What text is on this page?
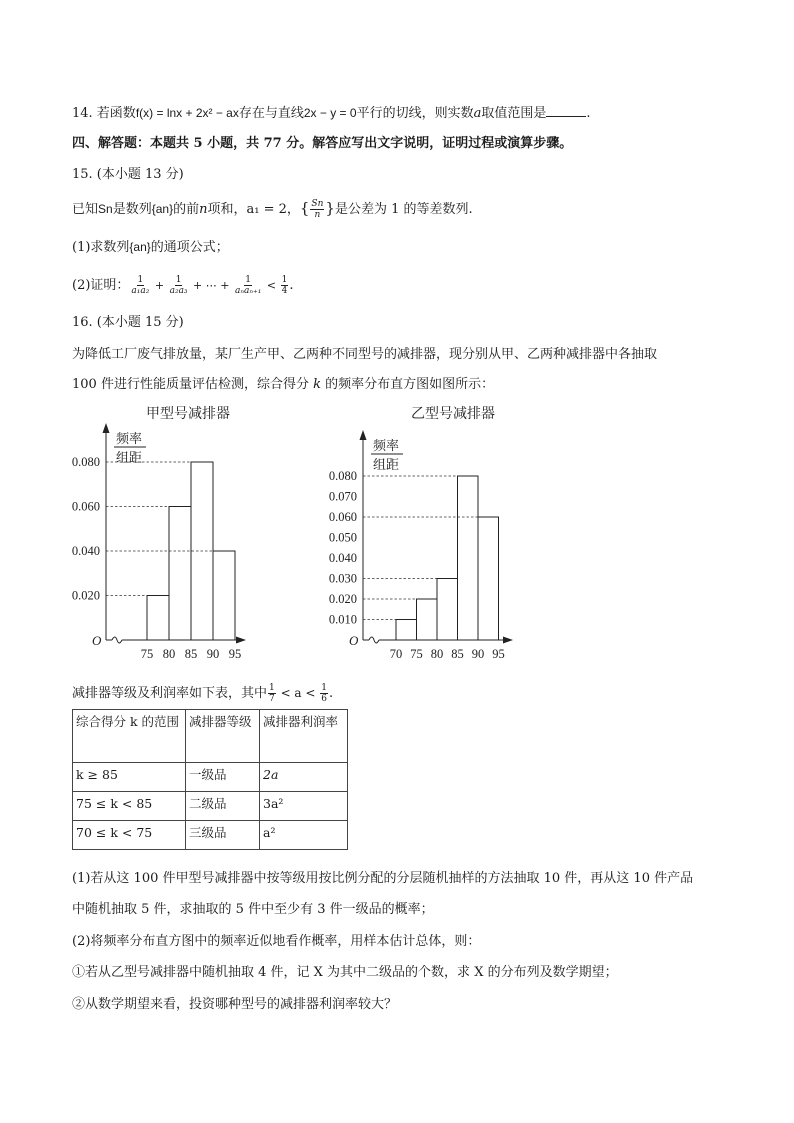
14. 若函数f(x) = lnx + 2x² − ax存在与直线2x − y = 0平行的切线，则实数a取值范围是	.
四、解答题：本题共 5 小题，共 77 分。解答应写出文字说明，证明过程或演算步骤。
15. (本小题 13 分)
已知Sn是数列{an}的前n项和，a₁ = 2，{ $\frac{Sn}{n}$ }是公差为 1 的等差数列.
(1)求数列{an}的通项公式；
(2)证明： $\frac{1}{\text{a₁a₂}} + \frac{1}{\text{a₂a₃}}$ + ⋯ + $\frac{1}{\text{aₙaₙ₊₁}} < \frac{1}{4}$ .
16. (本小题 15 分)
为降低工厂废气排放量，某厂生产甲、乙两种不同型号的减排器，现分别从甲、乙两种减排器中各抽取
100 件进行性能质量评估检测，综合得分 k 的频率分布直方图如图所示：
甲型号减排器
频率
组距
O
0.080
0.060
0.040
0.020
75 80 85 90 95
乙型号减排器
频率
组距
O
0.080
0.070
0.060
0.050
0.040
0.030
0.020
0.010
70 75 80 85 90 95
减排器等级及利润率如下表，其中 $\frac{1}{7} < a < \frac{1}{6}$ .
综合得分 k 的范围	减排器等级	减排器利润率
k ≥ 85	一级品	2a
75 ≤ k < 85	二级品	3a²
70 ≤ k < 75	三级品	a²
(1)若从这 100 件甲型号减排器中按等级用按比例分配的分层随机抽样的方法抽取 10 件，再从这 10 件产品
中随机抽取 5 件，求抽取的 5 件中至少有 3 件一级品的概率；
(2)将频率分布直方图中的频率近似地看作概率，用样本估计总体，则：
①若从乙型号减排器中随机抽取 4 件，记 X 为其中二级品的个数，求 X 的分布列及数学期望；
②从数学期望来看，投资哪种型号的减排器利润率较大？
